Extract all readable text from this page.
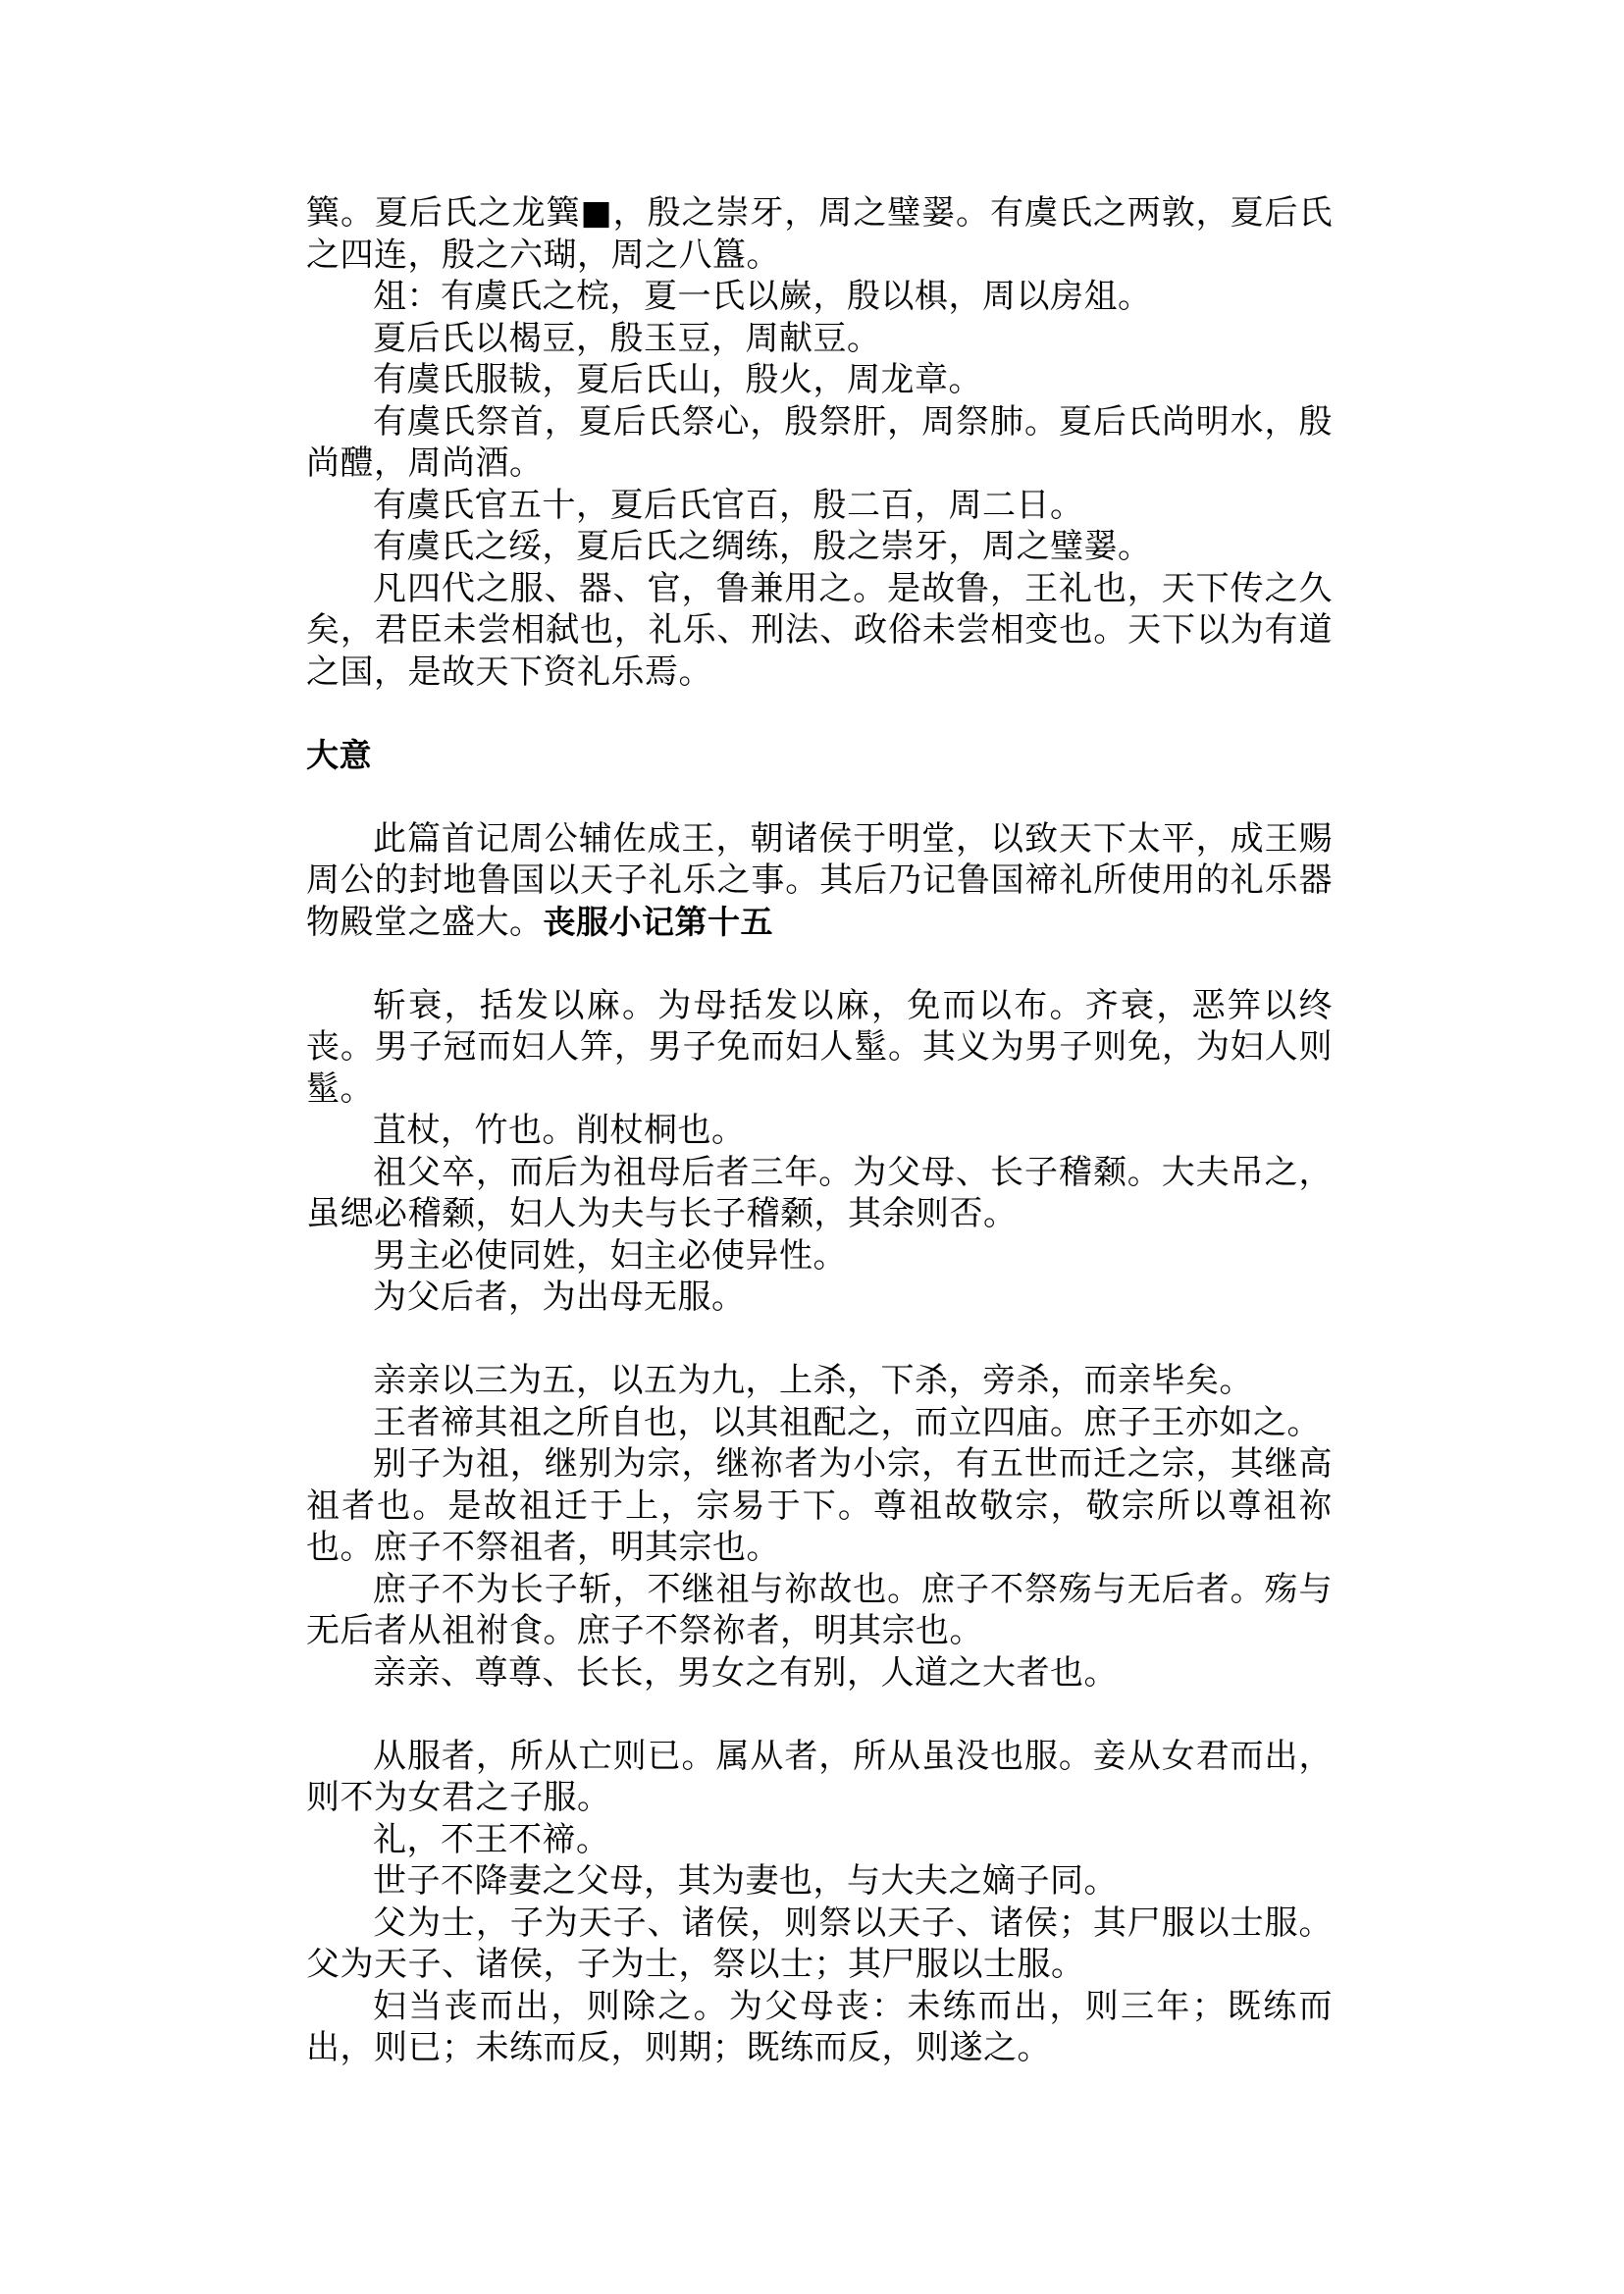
簨。夏后氏之龙簨■，殷之崇牙，周之璧翣。有虞氏之两敦，夏后氏之四连，殷之六瑚，周之八簋。

俎：有虞氏之梡，夏一氏以嶡，殷以椇，周以房俎。

夏后氏以楬豆，殷玉豆，周献豆。

有虞氏服韨，夏后氏山，殷火，周龙章。

有虞氏祭首，夏后氏祭心，殷祭肝，周祭肺。夏后氏尚明水，殷尚醴，周尚酒。

有虞氏官五十，夏后氏官百，殷二百，周二日。

有虞氏之绥，夏后氏之绸练，殷之崇牙，周之璧翣。

凡四代之服、器、官，鲁兼用之。是故鲁，王礼也，天下传之久矣，君臣未尝相弑也，礼乐、刑法、政俗未尝相变也。天下以为有道之国，是故天下资礼乐焉。

大意

此篇首记周公辅佐成王，朝诸侯于明堂，以致天下太平，成王赐周公的封地鲁国以天子礼乐之事。其后乃记鲁国禘礼所使用的礼乐器物殿堂之盛大。丧服小记第十五

斩衰，括发以麻。为母括发以麻，免而以布。齐衰，恶笄以终丧。男子冠而妇人笄，男子免而妇人髽。其义为男子则免，为妇人则髽。

苴杖，竹也。削杖桐也。

祖父卒，而后为祖母后者三年。为父母、长子稽颡。大夫吊之，虽缌必稽颡，妇人为夫与长子稽颡，其余则否。

男主必使同姓，妇主必使异性。

为父后者，为出母无服。

亲亲以三为五，以五为九，上杀，下杀，旁杀，而亲毕矣。

王者禘其祖之所自也，以其祖配之，而立四庙。庶子王亦如之。

别子为祖，继别为宗，继祢者为小宗，有五世而迁之宗，其继高祖者也。是故祖迁于上，宗易于下。尊祖故敬宗，敬宗所以尊祖祢也。庶子不祭祖者，明其宗也。

庶子不为长子斩，不继祖与祢故也。庶子不祭殇与无后者。殇与无后者从祖祔食。庶子不祭祢者，明其宗也。

亲亲、尊尊、长长，男女之有别，人道之大者也。

从服者，所从亡则已。属从者，所从虽没也服。妾从女君而出，则不为女君之子服。

礼，不王不禘。

世子不降妻之父母，其为妻也，与大夫之嫡子同。

父为士，子为天子、诸侯，则祭以天子、诸侯；其尸服以士服。父为天子、诸侯，子为士，祭以士；其尸服以士服。

妇当丧而出，则除之。为父母丧：未练而出，则三年；既练而出，则已；未练而反，则期；既练而反，则遂之。
